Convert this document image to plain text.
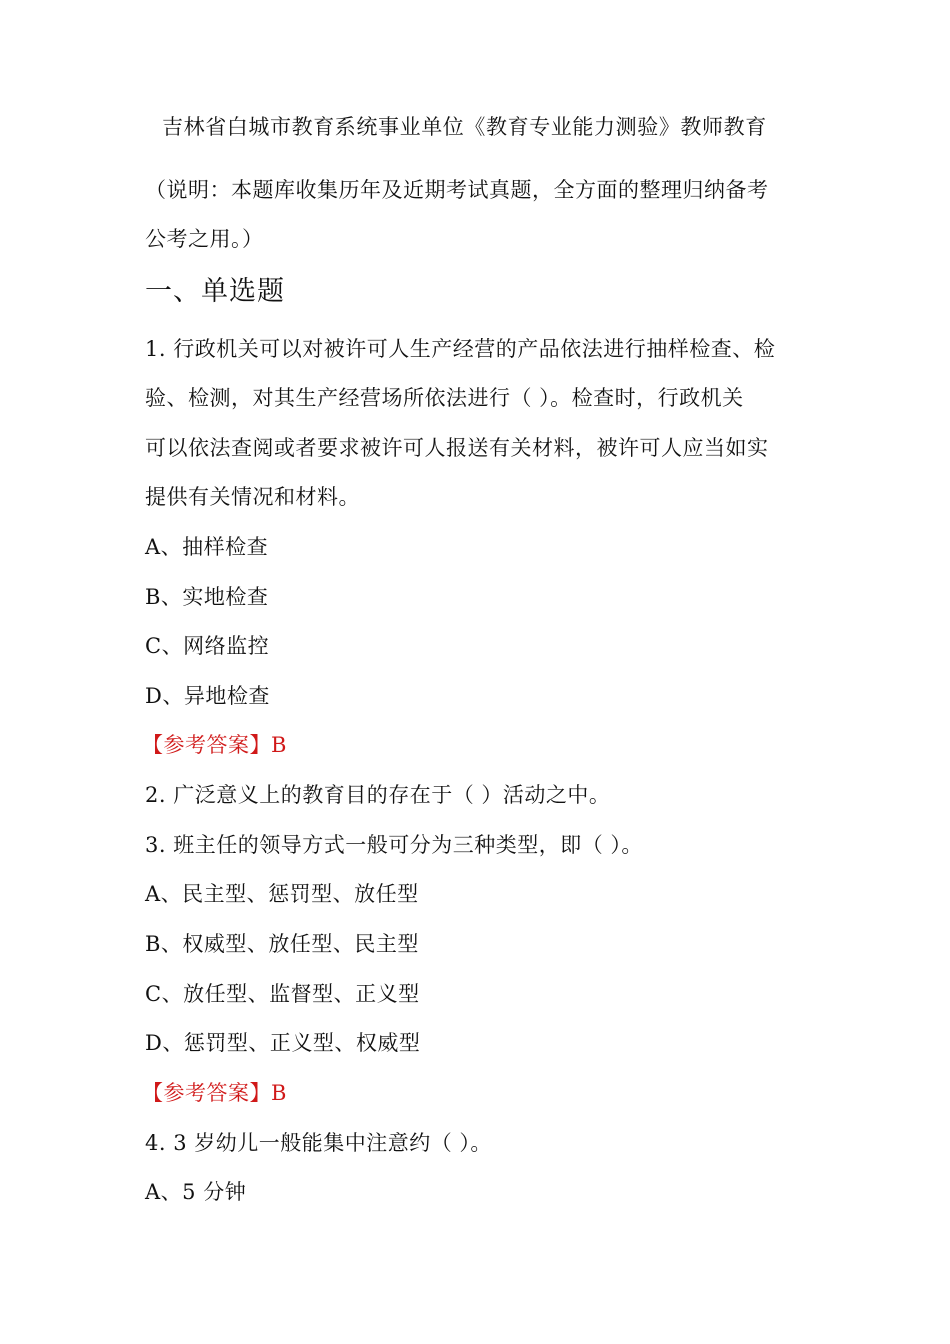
吉林省白城市教育系统事业单位《教育专业能力测验》教师教育
（说明：本题库收集历年及近期考试真题，全方面的整理归纳备考
公考之用。）
一、单选题
1. 行政机关可以对被许可人生产经营的产品依法进行抽样检查、检
验、检测，对其生产经营场所依法进行（ ）。检查时，行政机关
可以依法查阅或者要求被许可人报送有关材料，被许可人应当如实
提供有关情况和材料。
A、抽样检查
B、实地检查
C、网络监控
D、异地检查
【参考答案】B
2. 广泛意义上的教育目的存在于（ ）活动之中。
3. 班主任的领导方式一般可分为三种类型，即（ ）。
A、民主型、惩罚型、放任型
B、权威型、放任型、民主型
C、放任型、监督型、正义型
D、惩罚型、正义型、权威型
【参考答案】B
4. 3 岁幼儿一般能集中注意约（ ）。
A、5 分钟
